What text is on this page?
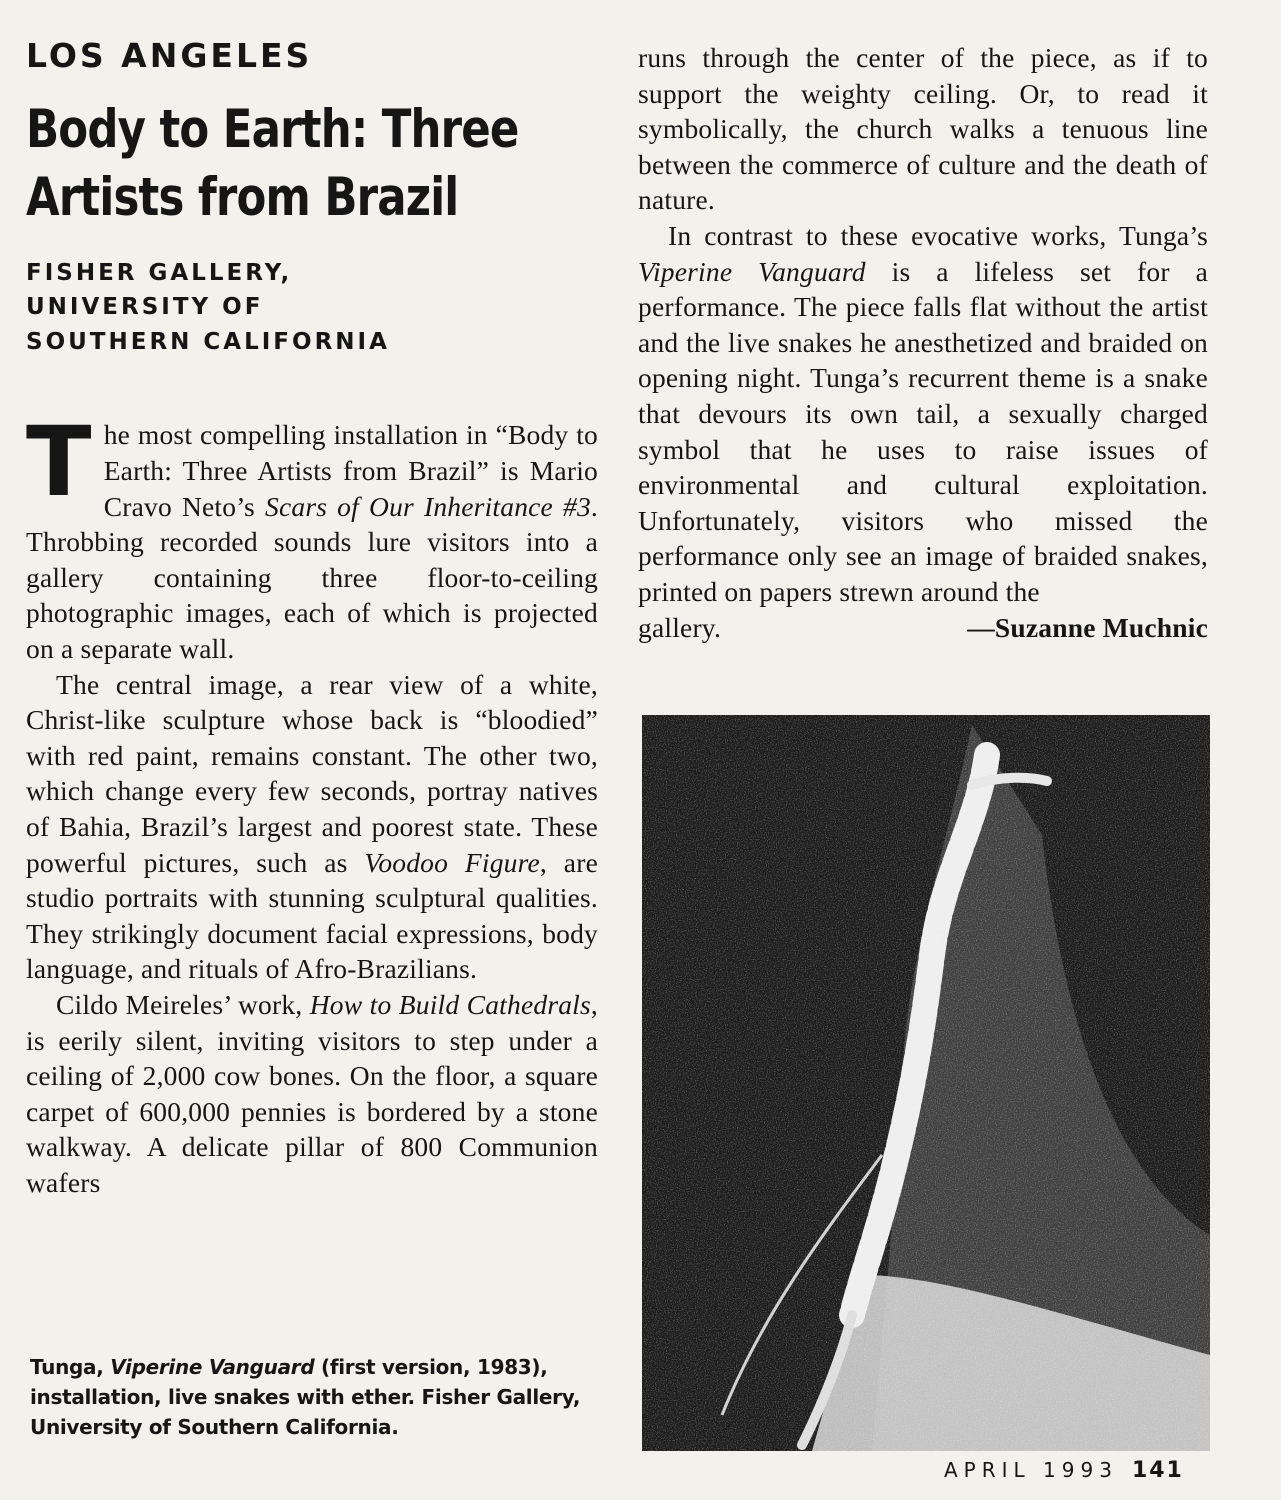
LOS ANGELES
Body to Earth: Three Artists from Brazil
FISHER GALLERY,
UNIVERSITY OF
SOUTHERN CALIFORNIA

The most compelling installation in “Body to Earth: Three Artists from Brazil” is Mario Cravo Neto’s Scars of Our Inheritance #3. Throbbing recorded sounds lure visitors into a gallery containing three floor-to-ceiling photographic images, each of which is projected on a separate wall.

The central image, a rear view of a white, Christ-like sculpture whose back is “bloodied” with red paint, remains constant. The other two, which change every few seconds, portray natives of Bahia, Brazil’s largest and poorest state. These powerful pictures, such as Voodoo Figure, are studio portraits with stunning sculptural qualities. They strikingly document facial expressions, body language, and rituals of Afro-Brazilians.

Cildo Meireles’ work, How to Build Cathedrals, is eerily silent, inviting visitors to step under a ceiling of 2,000 cow bones. On the floor, a square carpet of 600,000 pennies is bordered by a stone walkway. A delicate pillar of 800 Communion wafers

Tunga, Viperine Vanguard (first version, 1983), installation, live snakes with ether. Fisher Gallery, University of Southern California.

runs through the center of the piece, as if to support the weighty ceiling. Or, to read it symbolically, the church walks a tenuous line between the commerce of culture and the death of nature.

In contrast to these evocative works, Tunga’s Viperine Vanguard is a lifeless set for a performance. The piece falls flat without the artist and the live snakes he anesthetized and braided on opening night. Tunga’s recurrent theme is a snake that devours its own tail, a sexually charged symbol that he uses to raise issues of environmental and cultural exploitation. Unfortunately, visitors who missed the performance only see an image of braided snakes, printed on papers strewn around the

gallery.	—Suzanne Muchnic
APRIL 1993 141
